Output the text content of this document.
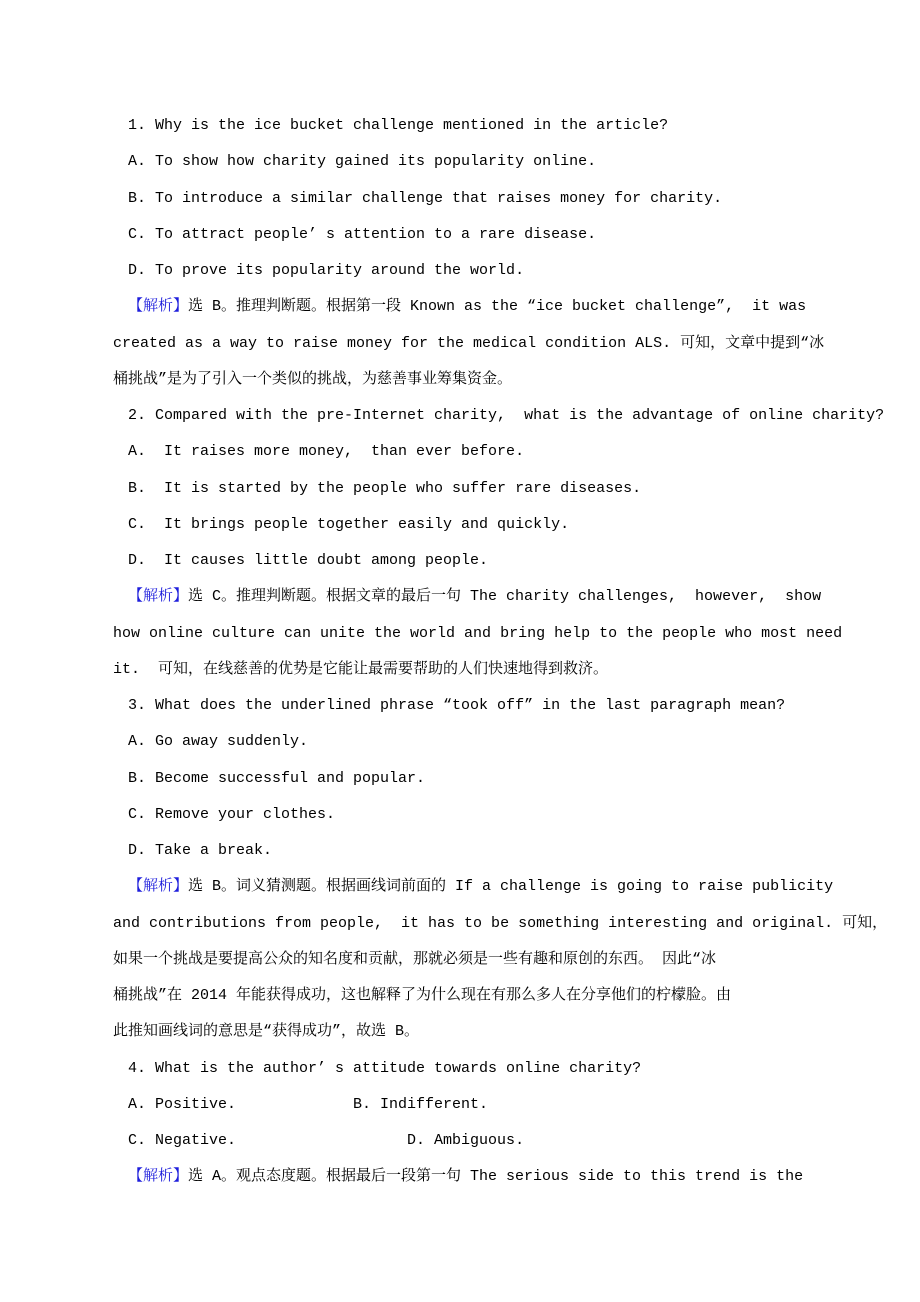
1. Why is the ice bucket challenge mentioned in the article?

A. To show how charity gained its popularity online.

B. To introduce a similar challenge that raises money for charity.

C. To attract people’ s attention to a rare disease.

D. To prove its popularity around the world.

【解析】选 B。推理判断题。根据第一段 Known as the “ice bucket challenge”,  it was

created as a way to raise money for the medical condition ALS. 可知，文章中提到“冰

桶挑战”是为了引入一个类似的挑战，为慈善事业筹集资金。

2. Compared with the pre-Internet charity,  what is the advantage of online charity?

A.  It raises more money,  than ever before.

B.  It is started by the people who suffer rare diseases.

C.  It brings people together easily and quickly.

D.  It causes little doubt among people.

【解析】选 C。推理判断题。根据文章的最后一句 The charity challenges,  however,  show

how online culture can unite the world and bring help to the people who most need

it.  可知，在线慈善的优势是它能让最需要帮助的人们快速地得到救济。

3. What does the underlined phrase “took off” in the last paragraph mean?

A. Go away suddenly.

B. Become successful and popular.

C. Remove your clothes.

D. Take a break.

【解析】选 B。词义猜测题。根据画线词前面的 If a challenge is going to raise publicity

and contributions from people,  it has to be something interesting and original. 可知，

如果一个挑战是要提高公众的知名度和贡献，那就必须是一些有趣和原创的东西。 因此“冰

桶挑战”在 2014 年能获得成功，这也解释了为什么现在有那么多人在分享他们的柠檬脸。由

此推知画线词的意思是“获得成功”，故选 B。

4. What is the author’ s attitude towards online charity?

A. Positive.             B. Indifferent.

C. Negative.                   D. Ambiguous.

【解析】选 A。观点态度题。根据最后一段第一句 The serious side to this trend is the
